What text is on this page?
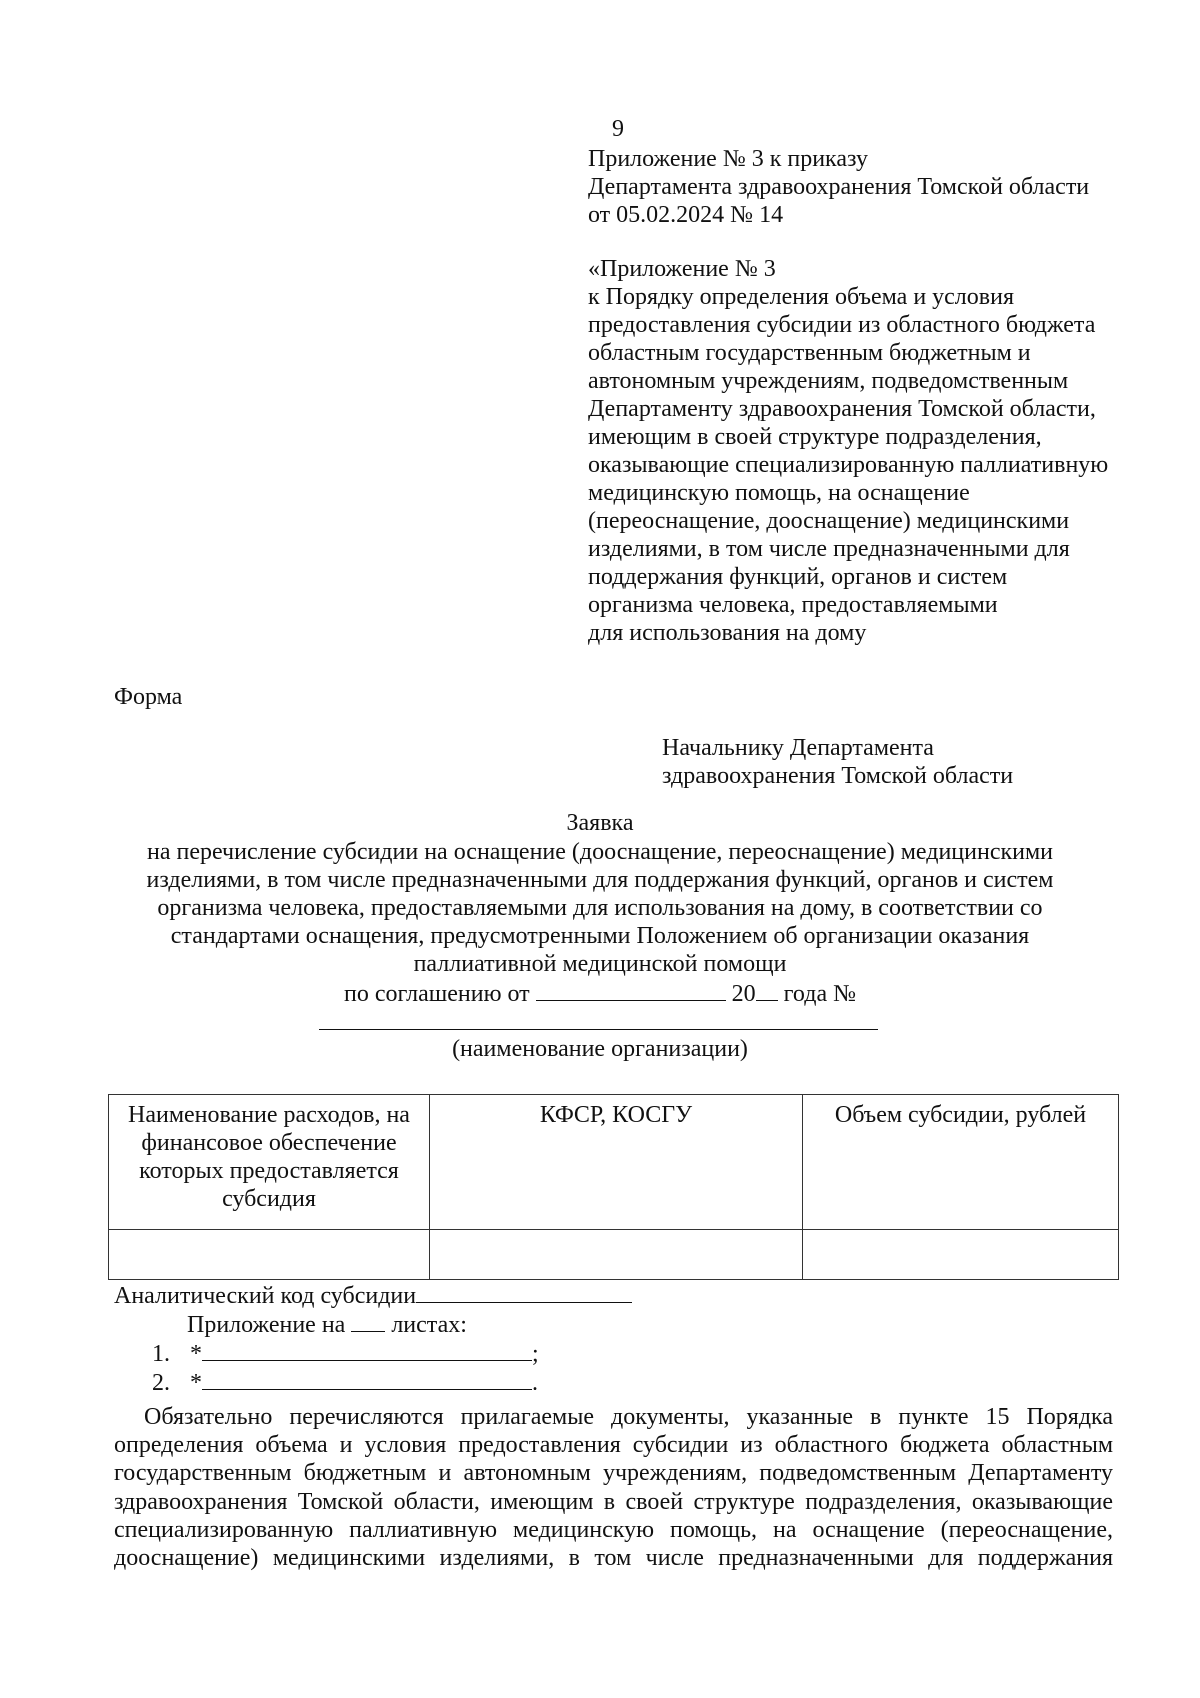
9
Приложение № 3 к приказу
Департамента здравоохранения Томской области
от 05.02.2024 № 14
«Приложение № 3
к Порядку определения объема и условия
предоставления субсидии из областного бюджета
областным государственным бюджетным и
автономным учреждениям, подведомственным
Департаменту здравоохранения Томской области,
имеющим в своей структуре подразделения,
оказывающие специализированную паллиативную
медицинскую помощь, на оснащение
(переоснащение, дооснащение) медицинскими
изделиями, в том числе предназначенными для
поддержания функций, органов и систем
организма человека, предоставляемыми
для использования на дому
Форма
Начальнику Департамента
здравоохранения Томской области
Заявка
на перечисление субсидии на оснащение (дооснащение, переоснащение) медицинскими
изделиями, в том числе предназначенными для поддержания функций, органов и систем
организма человека, предоставляемыми для использования на дому, в соответствии со
стандартами оснащения, предусмотренными Положением об организации оказания
паллиативной медицинской помощи
по соглашению от	20 года №
(наименование организации)
Наименование расходов, на финансовое обеспечение которых предоставляется субсидия	КФСР, КОСГУ	Объем субсидии, рублей

Аналитический код субсидии
Приложение на листах:
1. *	;
2. *	.
Обязательно перечисляются прилагаемые документы, указанные в пункте 15 Порядка
определения объема и условия предоставления субсидии из областного бюджета областным
государственным бюджетным и автономным учреждениям, подведомственным Департаменту
здравоохранения Томской области, имеющим в своей структуре подразделения, оказывающие
специализированную паллиативную медицинскую помощь, на оснащение (переоснащение,
дооснащение) медицинскими изделиями, в том числе предназначенными для поддержания
